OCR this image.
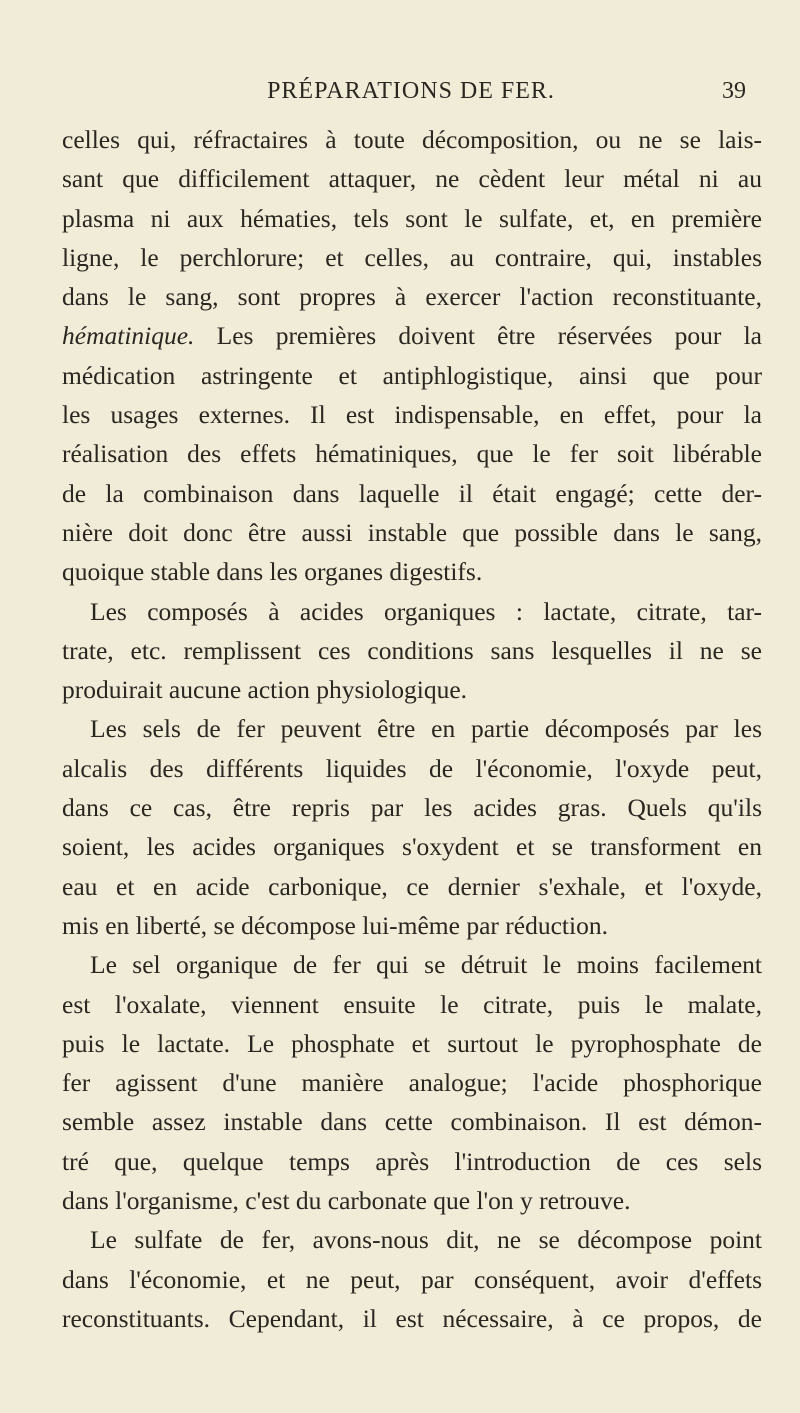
PRÉPARATIONS DE FER.	39
celles qui, réfractaires à toute décomposition, ou ne se lais-
sant que difficilement attaquer, ne cèdent leur métal ni au
plasma ni aux hématies, tels sont le sulfate, et, en première
ligne, le perchlorure; et celles, au contraire, qui, instables
dans le sang, sont propres à exercer l'action reconstituante,
hématinique. Les premières doivent être réservées pour la
médication astringente et antiphlogistique, ainsi que pour
les usages externes. Il est indispensable, en effet, pour la
réalisation des effets hématiniques, que le fer soit libérable
de la combinaison dans laquelle il était engagé; cette der-
nière doit donc être aussi instable que possible dans le sang,
quoique stable dans les organes digestifs.
Les composés à acides organiques : lactate, citrate, tar-
trate, etc. remplissent ces conditions sans lesquelles il ne se
produirait aucune action physiologique.
Les sels de fer peuvent être en partie décomposés par les
alcalis des différents liquides de l'économie, l'oxyde peut,
dans ce cas, être repris par les acides gras. Quels qu'ils
soient, les acides organiques s'oxydent et se transforment en
eau et en acide carbonique, ce dernier s'exhale, et l'oxyde,
mis en liberté, se décompose lui-même par réduction.
Le sel organique de fer qui se détruit le moins facilement
est l'oxalate, viennent ensuite le citrate, puis le malate,
puis le lactate. Le phosphate et surtout le pyrophosphate de
fer agissent d'une manière analogue; l'acide phosphorique
semble assez instable dans cette combinaison. Il est démon-
tré que, quelque temps après l'introduction de ces sels
dans l'organisme, c'est du carbonate que l'on y retrouve.
Le sulfate de fer, avons-nous dit, ne se décompose point
dans l'économie, et ne peut, par conséquent, avoir d'effets
reconstituants. Cependant, il est nécessaire, à ce propos, de
